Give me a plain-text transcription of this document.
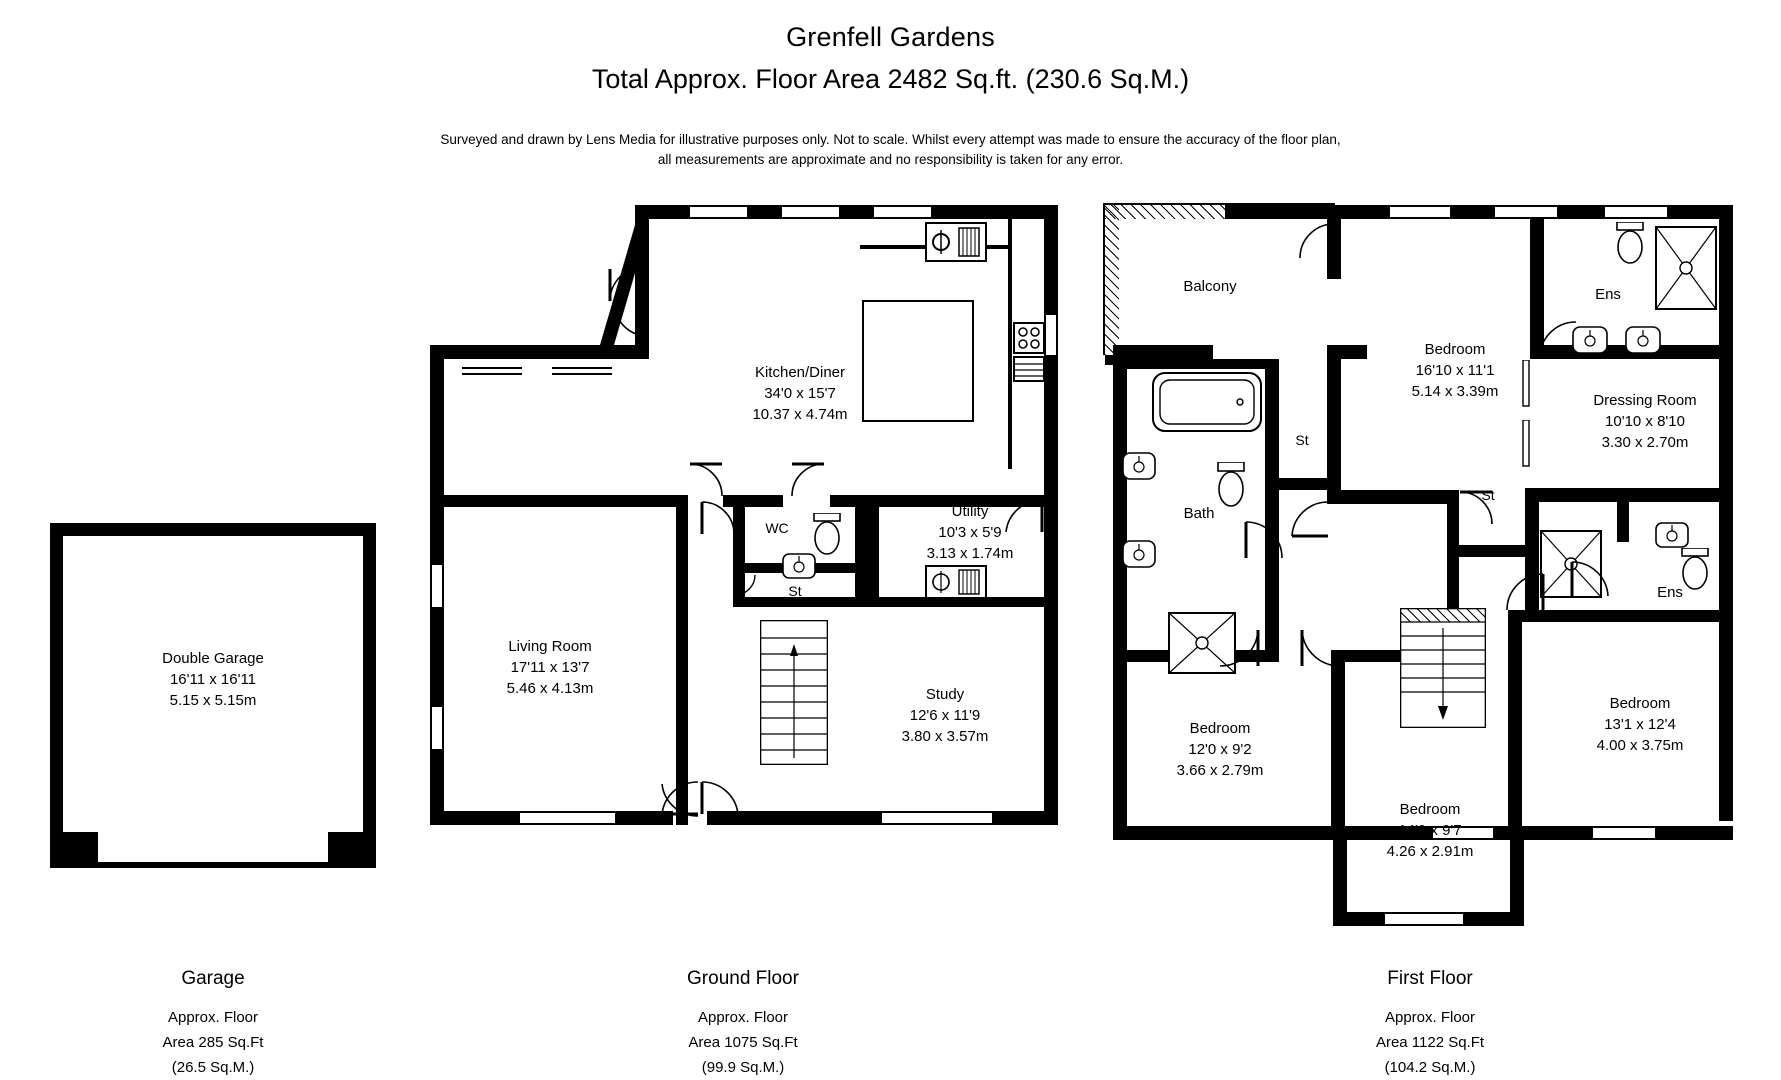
Grenfell Gardens
Total Approx. Floor Area 2482 Sq.ft. (230.6 Sq.M.)
Surveyed and drawn by Lens Media for illustrative purposes only. Not to scale. Whilst every attempt was made to ensure the accuracy of the floor plan,
all measurements are approximate and no responsibility is taken for any error.
Double Garage
16'11 x 16'11
5.15 x 5.15m
Kitchen/Diner
34'0 x 15'7
10.37 x 4.74m
Living Room
17'11 x 13'7
5.46 x 4.13m	Study
12'6 x 11'9
3.80 x 3.57m
Utility
10'3 x 5'9
3.13 x 1.74m
WC
St
Balcony	Ens
Ens
Bath
St
St
Bedroom
16'10 x 11'1
5.14 x 3.39m
Dressing Room
10'10 x 8'10
3.30 x 2.70m
Bedroom
13'1 x 12'4
4.00 x 3.75m
Bedroom
14'0 x 9'7
4.26 x 2.91m
Bedroom
12'0 x 9'2
3.66 x 2.79m
Garage
Approx. Floor
Area 285 Sq.Ft
(26.5 Sq.M.)
Ground Floor
Approx. Floor
Area 1075 Sq.Ft
(99.9 Sq.M.)
First Floor
Approx. Floor
Area 1122 Sq.Ft
(104.2 Sq.M.)
